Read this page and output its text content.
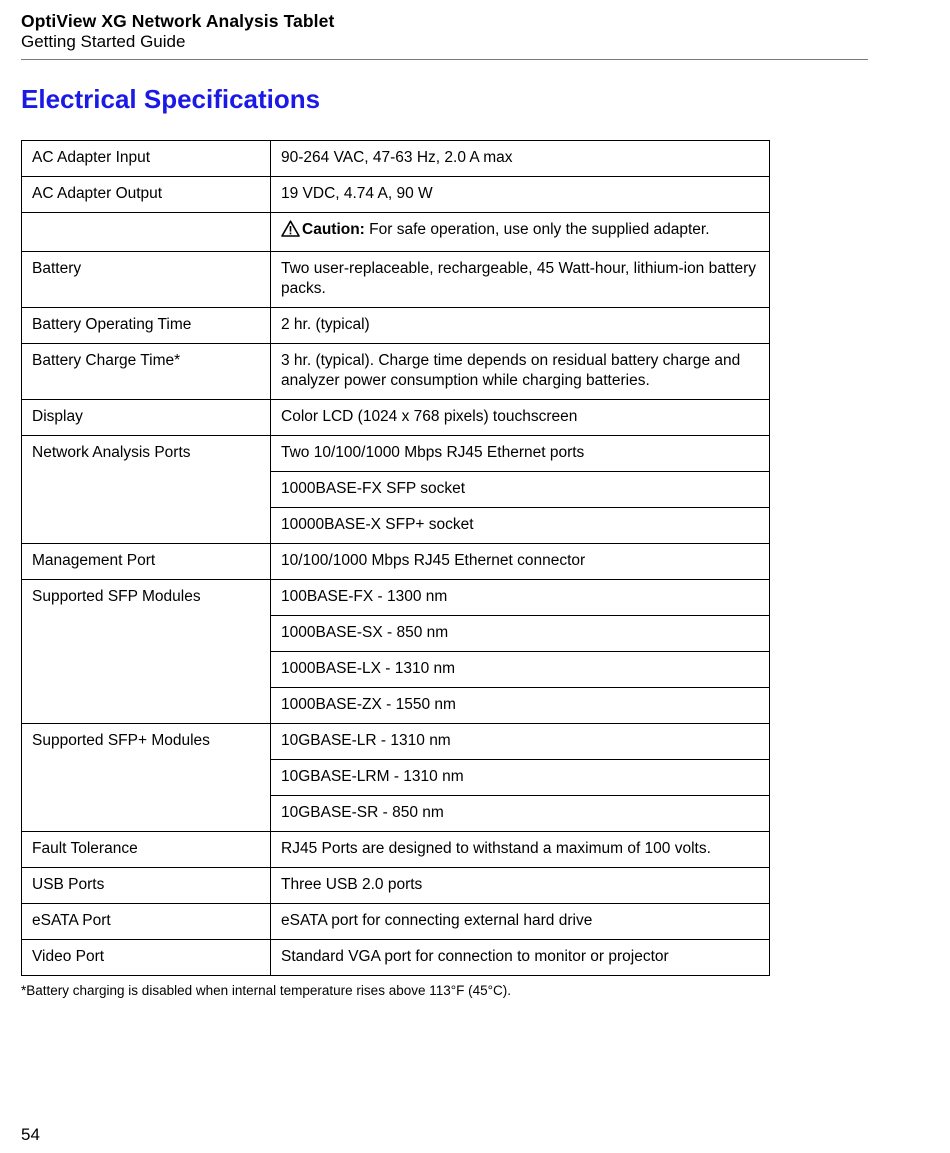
OptiView XG Network Analysis Tablet
Getting Started Guide
Electrical Specifications
AC Adapter Input	90-264 VAC, 47-63 Hz, 2.0 A max
AC Adapter Output	19 VDC, 4.74 A, 90 W
	Caution: For safe operation, use only the supplied adapter.
Battery	Two user-replaceable, rechargeable, 45 Watt-hour, lithium-ion battery packs.
Battery Operating Time	2 hr. (typical)
Battery Charge Time*	3 hr. (typical). Charge time depends on residual battery charge and analyzer power consumption while charging batteries.
Display	Color LCD (1024 x 768 pixels) touchscreen
Network Analysis Ports	Two 10/100/1000 Mbps RJ45 Ethernet ports
	1000BASE-FX SFP socket
	10000BASE-X SFP+ socket
Management Port	10/100/1000 Mbps RJ45 Ethernet connector
Supported SFP Modules	100BASE-FX - 1300 nm
	1000BASE-SX - 850 nm
	1000BASE-LX - 1310 nm
	1000BASE-ZX - 1550 nm
Supported SFP+ Modules	10GBASE-LR - 1310 nm
	10GBASE-LRM - 1310 nm
	10GBASE-SR - 850 nm
Fault Tolerance	RJ45 Ports are designed to withstand a maximum of 100 volts.
USB Ports	Three USB 2.0 ports
eSATA Port	eSATA port for connecting external hard drive
Video Port	Standard VGA port for connection to monitor or projector
*Battery charging is disabled when internal temperature rises above 113°F (45°C).
54
